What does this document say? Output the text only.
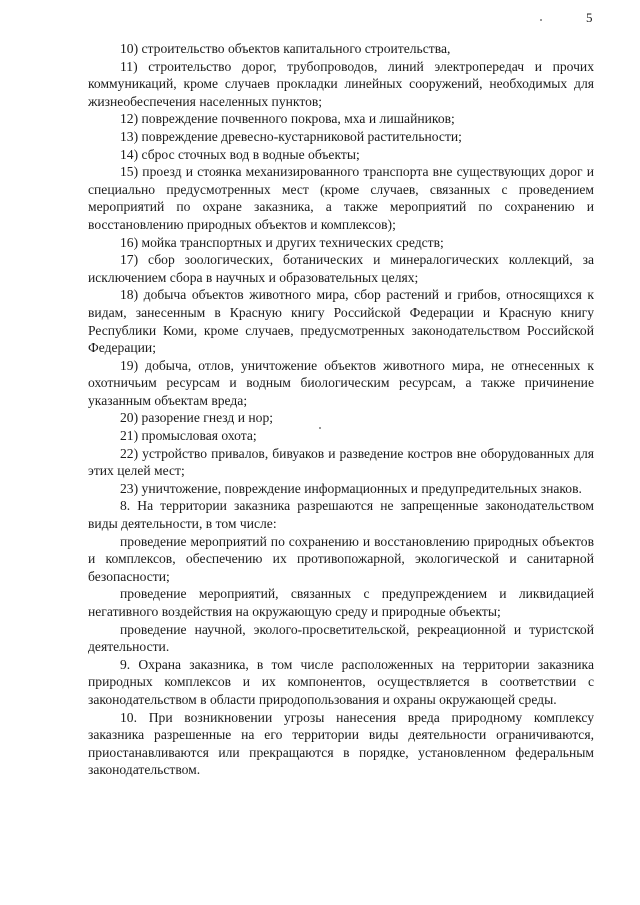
5

10) строительство объектов капитального строительства,

11) строительство дорог, трубопроводов, линий электропередач и прочих коммуникаций, кроме случаев прокладки линейных сооружений, необходимых для жизнеобеспечения населенных пунктов;

12) повреждение почвенного покрова, мха и лишайников;

13) повреждение древесно-кустарниковой растительности;

14) сброс сточных вод в водные объекты;

15) проезд и стоянка механизированного транспорта вне существующих дорог и специально предусмотренных мест (кроме случаев, связанных с проведением мероприятий по охране заказника, а также мероприятий по сохранению и восстановлению природных объектов и комплексов);

16) мойка транспортных и других технических средств;

17) сбор зоологических, ботанических и минералогических коллекций, за исключением сбора в научных и образовательных целях;

18) добыча объектов животного мира, сбор растений и грибов, относящихся к видам, занесенным в Красную книгу Российской Федерации и Красную книгу Республики Коми, кроме случаев, предусмотренных законодательством Российской Федерации;

19) добыча, отлов, уничтожение объектов животного мира, не отнесенных к охотничьим ресурсам и водным биологическим ресурсам, а также причинение указанным объектам вреда;

20) разорение гнезд и нор;

21) промысловая охота;

22) устройство привалов, бивуаков и разведение костров вне оборудованных для этих целей мест;

23) уничтожение, повреждение информационных и предупредительных знаков.

8. На территории заказника разрешаются не запрещенные законодательством виды деятельности, в том числе:

проведение мероприятий по сохранению и восстановлению природных объектов и комплексов, обеспечению их противопожарной, экологической и санитарной безопасности;

проведение мероприятий, связанных с предупреждением и ликвидацией негативного воздействия на окружающую среду и природные объекты;

проведение научной, эколого-просветительской, рекреационной и туристской деятельности.

9. Охрана заказника, в том числе расположенных на территории заказника природных комплексов и их компонентов, осуществляется в соответствии с законодательством в области природопользования и охраны окружающей среды.

10. При возникновении угрозы нанесения вреда природному комплексу заказника разрешенные на его территории виды деятельности ограничиваются, приостанавливаются или прекращаются в порядке, установленном федеральным законодательством.
